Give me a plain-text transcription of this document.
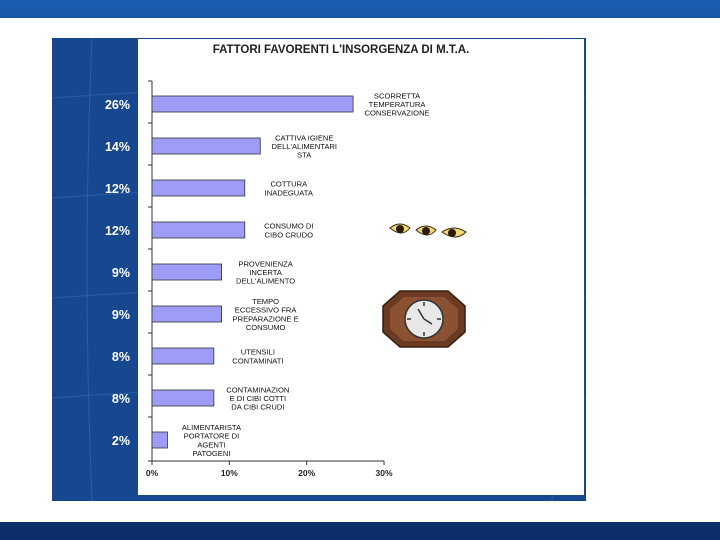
FATTORI FAVORENTI L'INSORGENZA DI M.T.A.
SCORRETTA TEMPERATURA CONSERVAZIONE
CATTIVA IGIENE DELL'ALIMENTARI STA
COTTURA INADEGUATA
CONSUMO DI CIBO CRUDO
PROVENIENZA INCERTA DELL'ALIMENTO
TEMPO ECCESSIVO FRA PREPARAZIONE E CONSUMO
UTENSILI CONTAMINATI
CONTAMINAZION E DI CIBI COTTI DA CIBI CRUDI
ALIMENTARISTA PORTATORE DI AGENTI PATOGENI
0%	10%	20%	30%
26%
14%
12%
12%
9%
9%
8%
8%
2%
